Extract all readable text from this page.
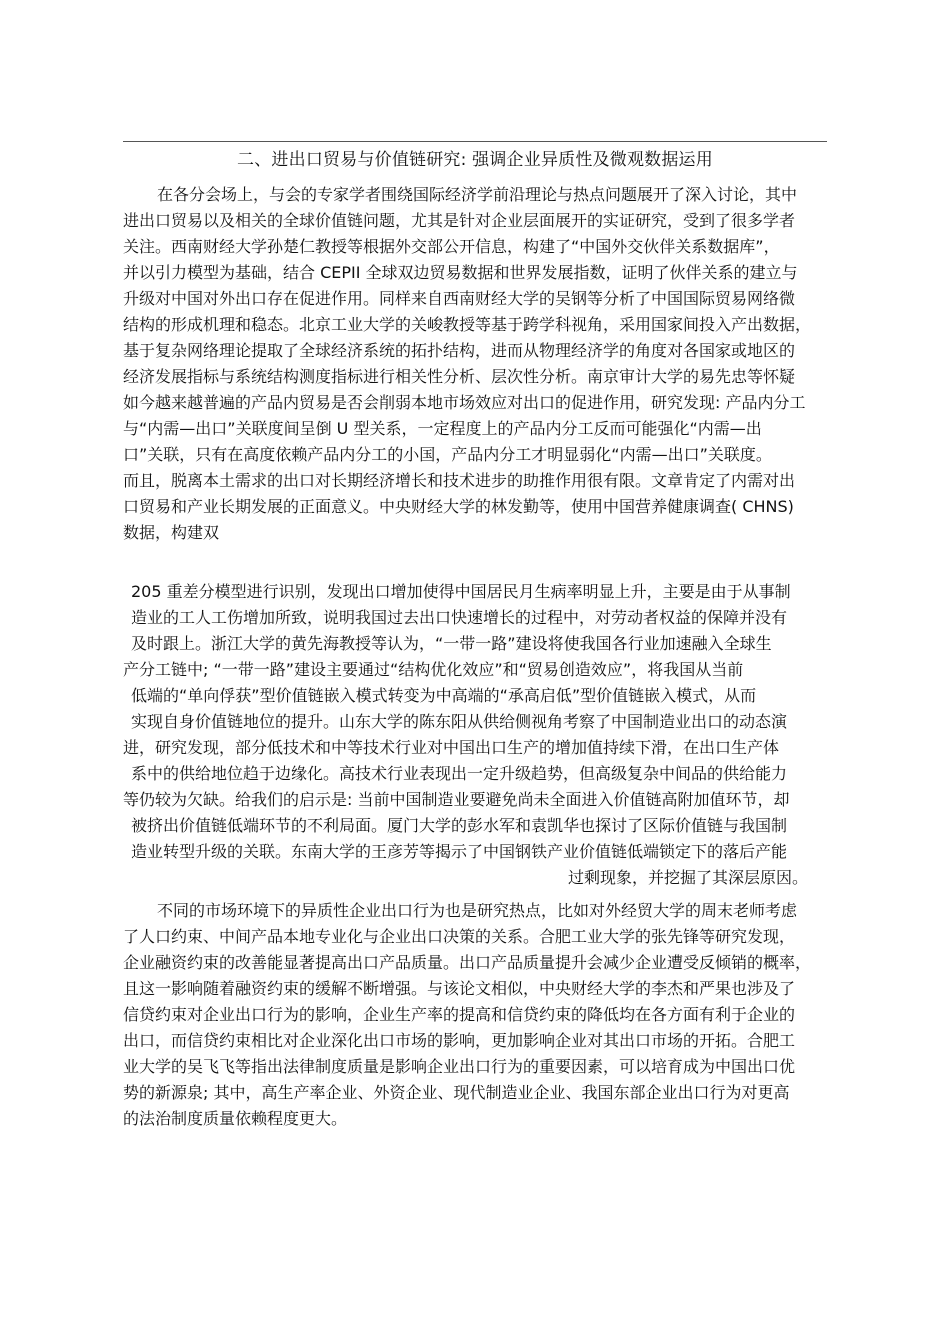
二、进出口贸易与价值链研究: 强调企业异质性及微观数据运用

在各分会场上，与会的专家学者围绕国际经济学前沿理论与热点问题展开了深入讨论，其中

进出口贸易以及相关的全球价值链问题，尤其是针对企业层面展开的实证研究，受到了很多学者

关注。西南财经大学孙楚仁教授等根据外交部公开信息，构建了“中国外交伙伴关系数据库”，

并以引力模型为基础，结合 CEPII 全球双边贸易数据和世界发展指数，证明了伙伴关系的建立与

升级对中国对外出口存在促进作用。同样来自西南财经大学的吴钢等分析了中国国际贸易网络微

结构的形成机理和稳态。北京工业大学的关峻教授等基于跨学科视角，采用国家间投入产出数据，

基于复杂网络理论提取了全球经济系统的拓扑结构，进而从物理经济学的角度对各国家或地区的

经济发展指标与系统结构测度指标进行相关性分析、层次性分析。南京审计大学的易先忠等怀疑

如今越来越普遍的产品内贸易是否会削弱本地市场效应对出口的促进作用，研究发现: 产品内分工

与“内需—出口”关联度间呈倒 U 型关系，一定程度上的产品内分工反而可能强化“内需—出

口”关联，只有在高度依赖产品内分工的小国，产品内分工才明显弱化“内需—出口”关联度。

而且，脱离本土需求的出口对长期经济增长和技术进步的助推作用很有限。文章肯定了内需对出

口贸易和产业长期发展的正面意义。中央财经大学的林发勤等，使用中国营养健康调查( CHNS)

数据，构建双

205 重差分模型进行识别，发现出口增加使得中国居民月生病率明显上升，主要是由于从事制

造业的工人工伤增加所致，说明我国过去出口快速增长的过程中，对劳动者权益的保障并没有

及时跟上。浙江大学的黄先海教授等认为，“一带一路”建设将使我国各行业加速融入全球生

产分工链中; “一带一路”建设主要通过“结构优化效应”和“贸易创造效应”，将我国从当前

低端的“单向俘获”型价值链嵌入模式转变为中高端的“承高启低”型价值链嵌入模式，从而

实现自身价值链地位的提升。山东大学的陈东阳从供给侧视角考察了中国制造业出口的动态演

进，研究发现，部分低技术和中等技术行业对中国出口生产的增加值持续下滑，在出口生产体

系中的供给地位趋于边缘化。高技术行业表现出一定升级趋势，但高级复杂中间品的供给能力

等仍较为欠缺。给我们的启示是: 当前中国制造业要避免尚未全面进入价值链高附加值环节，却

被挤出价值链低端环节的不利局面。厦门大学的彭水军和袁凯华也探讨了区际价值链与我国制

造业转型升级的关联。东南大学的王彦芳等揭示了中国钢铁产业价值链低端锁定下的落后产能

过剩现象，并挖掘了其深层原因。

不同的市场环境下的异质性企业出口行为也是研究热点，比如对外经贸大学的周末老师考虑

了人口约束、中间产品本地专业化与企业出口决策的关系。合肥工业大学的张先锋等研究发现，

企业融资约束的改善能显著提高出口产品质量。出口产品质量提升会减少企业遭受反倾销的概率，

且这一影响随着融资约束的缓解不断增强。与该论文相似，中央财经大学的李杰和严果也涉及了

信贷约束对企业出口行为的影响，企业生产率的提高和信贷约束的降低均在各方面有利于企业的

出口，而信贷约束相比对企业深化出口市场的影响，更加影响企业对其出口市场的开拓。合肥工

业大学的吴飞飞等指出法律制度质量是影响企业出口行为的重要因素，可以培育成为中国出口优

势的新源泉; 其中，高生产率企业、外资企业、现代制造业企业、我国东部企业出口行为对更高

的法治制度质量依赖程度更大。
